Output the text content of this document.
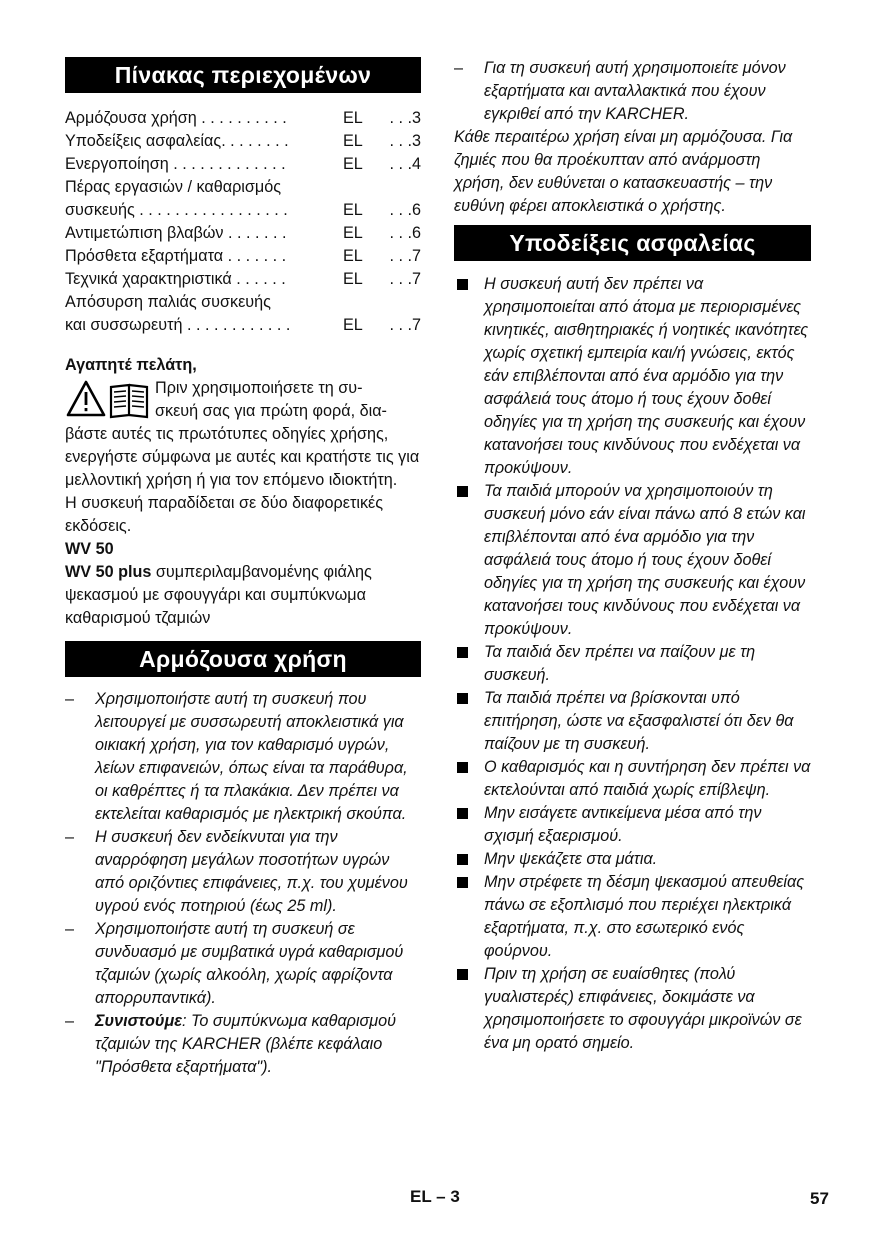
Πίνακας περιεχομένων
Αρμόζουσα χρήση . . . . . . . . . .	EL	. . .3
Υποδείξεις ασφαλείας. . . . . . . .	EL	. . .3
Ενεργοποίηση . . . . . . . . . . . . .	EL	. . .4
Πέρας εργασιών / καθαρισμός
συσκευής . . . . . . . . . . . . . . . . .	EL	. . .6
Αντιμετώπιση βλαβών . . . . . . .	EL	. . .6
Πρόσθετα εξαρτήματα . . . . . . .	EL	. . .7
Τεχνικά χαρακτηριστικά . . . . . .	EL	. . .7
Απόσυρση παλιάς συσκευής
και συσσωρευτή . . . . . . . . . . . .	EL	. . .7

Αγαπητέ πελάτη,

Πριν χρησιμοποιήσετε τη συ-

σκευή σας για πρώτη φορά, δια-

βάστε αυτές τις πρωτότυπες οδηγίες χρήσης, ενεργήστε σύμφωνα με αυτές και κρατήστε τις για μελλοντική χρήση ή για τον επόμενο ιδιοκτήτη.

Η συσκευή παραδίδεται σε δύο διαφορετικές εκδόσεις.

WV 50

WV 50 plus συμπεριλαμβανομένης φιάλης ψεκασμού με σφουγγάρι και συμπύκνωμα καθαρισμού τζαμιών

Αρμόζουσα χρήση
– Χρησιμοποιήστε αυτή τη συσκευή που λειτουργεί με συσσωρευτή αποκλειστικά για οικιακή χρήση, για τον καθαρισμό υγρών, λείων επιφανειών, όπως είναι τα παράθυρα, οι καθρέπτες ή τα πλακάκια. Δεν πρέπει να εκτελείται καθαρισμός με ηλεκτρική σκούπα.
– Η συσκευή δεν ενδείκνυται για την αναρρόφηση μεγάλων ποσοτήτων υγρών από οριζόντιες επιφάνειες, π.χ. του χυμένου υγρού ενός ποτηριού (έως 25 ml).
– Χρησιμοποιήστε αυτή τη συσκευή σε συνδυασμό με συμβατικά υγρά καθαρισμού τζαμιών (χωρίς αλκοόλη, χωρίς αφρίζοντα απορρυπαντικά).
– Συνιστούμε: Το συμπύκνωμα καθαρισμού τζαμιών της KARCHER (βλέπε κεφάλαιο "Πρόσθετα εξαρτήματα").
– Για τη συσκευή αυτή χρησιμοποιείτε μόνον εξαρτήματα και ανταλλακτικά που έχουν εγκριθεί από την KARCHER.

Κάθε περαιτέρω χρήση είναι μη αρμόζουσα. Για ζημιές που θα προέκυπταν από ανάρμοστη χρήση, δεν ευθύνεται ο κατασκευαστής – την ευθύνη φέρει αποκλειστικά ο χρήστης.

Υποδείξεις ασφαλείας
Η συσκευή αυτή δεν πρέπει να χρησιμοποιείται από άτομα με περιορισμένες κινητικές, αισθητηριακές ή νοητικές ικανότητες χωρίς σχετική εμπειρία και/ή γνώσεις, εκτός εάν επιβλέπονται από ένα αρμόδιο για την ασφάλειά τους άτομο ή τους έχουν δοθεί οδηγίες για τη χρήση της συσκευής και έχουν κατανοήσει τους κινδύνους που ενδέχεται να προκύψουν.
Τα παιδιά μπορούν να χρησιμοποιούν τη συσκευή μόνο εάν είναι πάνω από 8 ετών και επιβλέπονται από ένα αρμόδιο για την ασφάλειά τους άτομο ή τους έχουν δοθεί οδηγίες για τη χρήση της συσκευής και έχουν κατανοήσει τους κινδύνους που ενδέχεται να προκύψουν.
Τα παιδιά δεν πρέπει να παίζουν με τη συσκευή.
Τα παιδιά πρέπει να βρίσκονται υπό επιτήρηση, ώστε να εξασφαλιστεί ότι δεν θα παίζουν με τη συσκευή.
Ο καθαρισμός και η συντήρηση δεν πρέπει να εκτελούνται από παιδιά χωρίς επίβλεψη.
Μην εισάγετε αντικείμενα μέσα από την σχισμή εξαερισμού.
Μην ψεκάζετε στα μάτια.
Μην στρέφετε τη δέσμη ψεκασμού απευθείας πάνω σε εξοπλισμό που περιέχει ηλεκτρικά εξαρτήματα, π.χ. στο εσωτερικό ενός φούρνου.
Πριν τη χρήση σε ευαίσθητες (πολύ γυαλιστερές) επιφάνειες, δοκιμάστε να χρησιμοποιήσετε το σφουγγάρι μικροϊνών σε ένα μη ορατό σημείο.
EL – 3	57
